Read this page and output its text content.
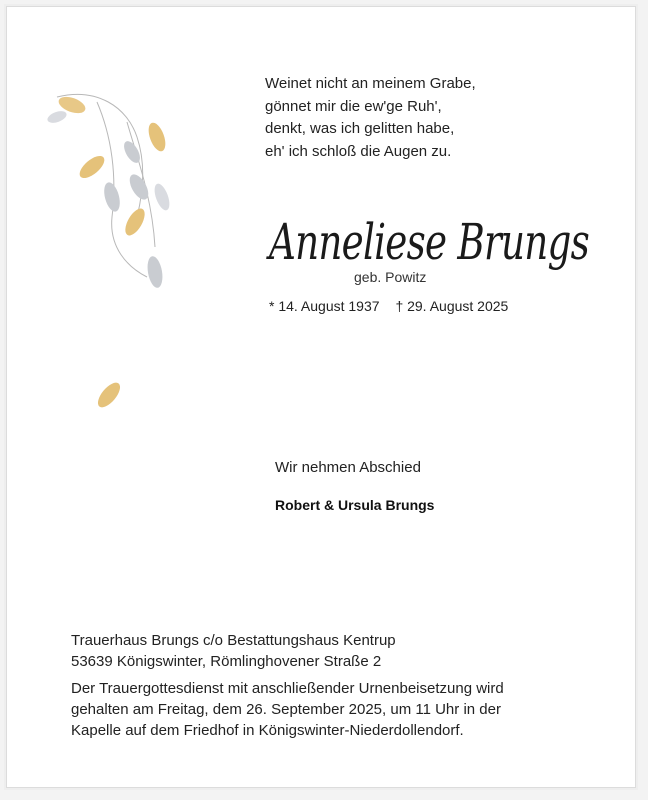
Weinet nicht an meinem Grabe,
gönnet mir die ew'ge Ruh',
denkt, was ich gelitten habe,
eh' ich schloß die Augen zu.
Anneliese Brungs
geb. Powitz
* 14. August 1937 † 29. August 2025
Wir nehmen Abschied
Robert & Ursula Brungs
Trauerhaus Brungs c/o Bestattungshaus Kentrup
53639 Königswinter, Römlinghovener Straße 2
Der Trauergottesdienst mit anschließender Urnenbeisetzung wird
gehalten am Freitag, dem 26. September 2025, um 11 Uhr in der
Kapelle auf dem Friedhof in Königswinter-Niederdollendorf.
